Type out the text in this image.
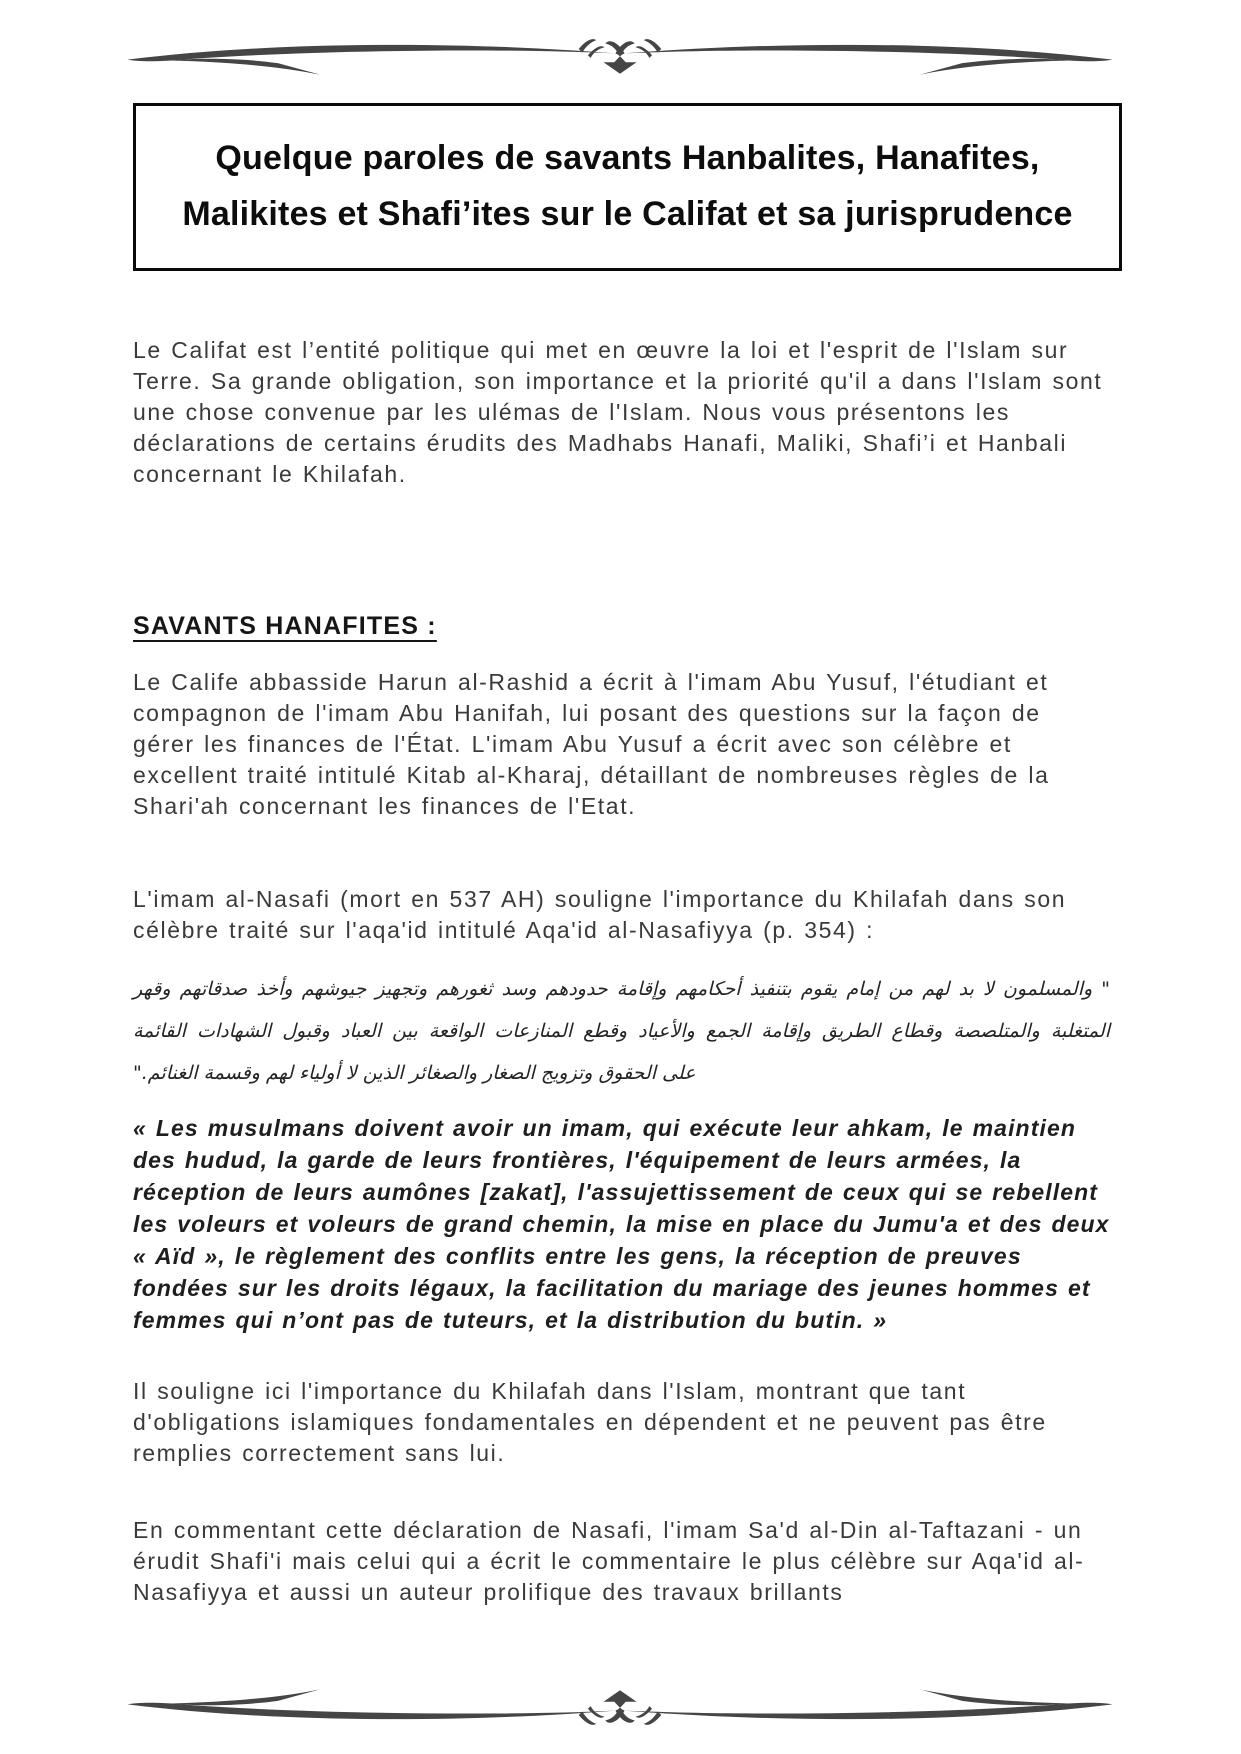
Quelque paroles de savants Hanbalites, Hanafites, Malikites et Shafi’ites sur le Califat et sa jurisprudence

Le Califat est l’entité politique qui met en œuvre la loi et l'esprit de l'Islam sur Terre. Sa grande obligation, son importance et la priorité qu'il a dans l'Islam sont une chose convenue par les ulémas de l'Islam. Nous vous présentons les déclarations de certains érudits des Madhabs Hanafi, Maliki, Shafi’i et Hanbali concernant le Khilafah.

SAVANTS HANAFITES :

Le Calife abbasside Harun al-Rashid a écrit à l'imam Abu Yusuf, l'étudiant et compagnon de l'imam Abu Hanifah, lui posant des questions sur la façon de gérer les finances de l'État. L'imam Abu Yusuf a écrit avec son célèbre et excellent traité intitulé Kitab al-Kharaj, détaillant de nombreuses règles de la Shari'ah concernant les finances de l'Etat.

L'imam al-Nasafi (mort en 537 AH) souligne l'importance du Khilafah dans son célèbre traité sur l'aqa'id intitulé Aqa'id al-Nasafiyya (p. 354) :

" والمسلمون لا بد لهم من إمام يقوم بتنفيذ أحكامهم وإقامة حدودهم وسد ثغورهم وتجهيز جيوشهم وأخذ صدقاتهم وقهر
المتغلبة والمتلصصة وقطاع الطريق وإقامة الجمع والأعياد وقطع المنازعات الواقعة بين العباد وقبول الشهادات القائمة
على الحقوق وتزويج الصغار والصغائر الذين لا أولياء لهم وقسمة الغنائم."

« Les musulmans doivent avoir un imam, qui exécute leur ahkam, le maintien des hudud, la garde de leurs frontières, l'équipement de leurs armées, la réception de leurs aumônes [zakat], l'assujettissement de ceux qui se rebellent les voleurs et voleurs de grand chemin, la mise en place du Jumu'a et des deux « Aïd », le règlement des conflits entre les gens, la réception de preuves fondées sur les droits légaux, la facilitation du mariage des jeunes hommes et femmes qui n’ont pas de tuteurs, et la distribution du butin. »

Il souligne ici l'importance du Khilafah dans l'Islam, montrant que tant d'obligations islamiques fondamentales en dépendent et ne peuvent pas être remplies correctement sans lui.

En commentant cette déclaration de Nasafi, l'imam Sa'd al-Din al-Taftazani - un érudit Shafi'i mais celui qui a écrit le commentaire le plus célèbre sur Aqa'id al-Nasafiyya et aussi un auteur prolifique des travaux brillants
